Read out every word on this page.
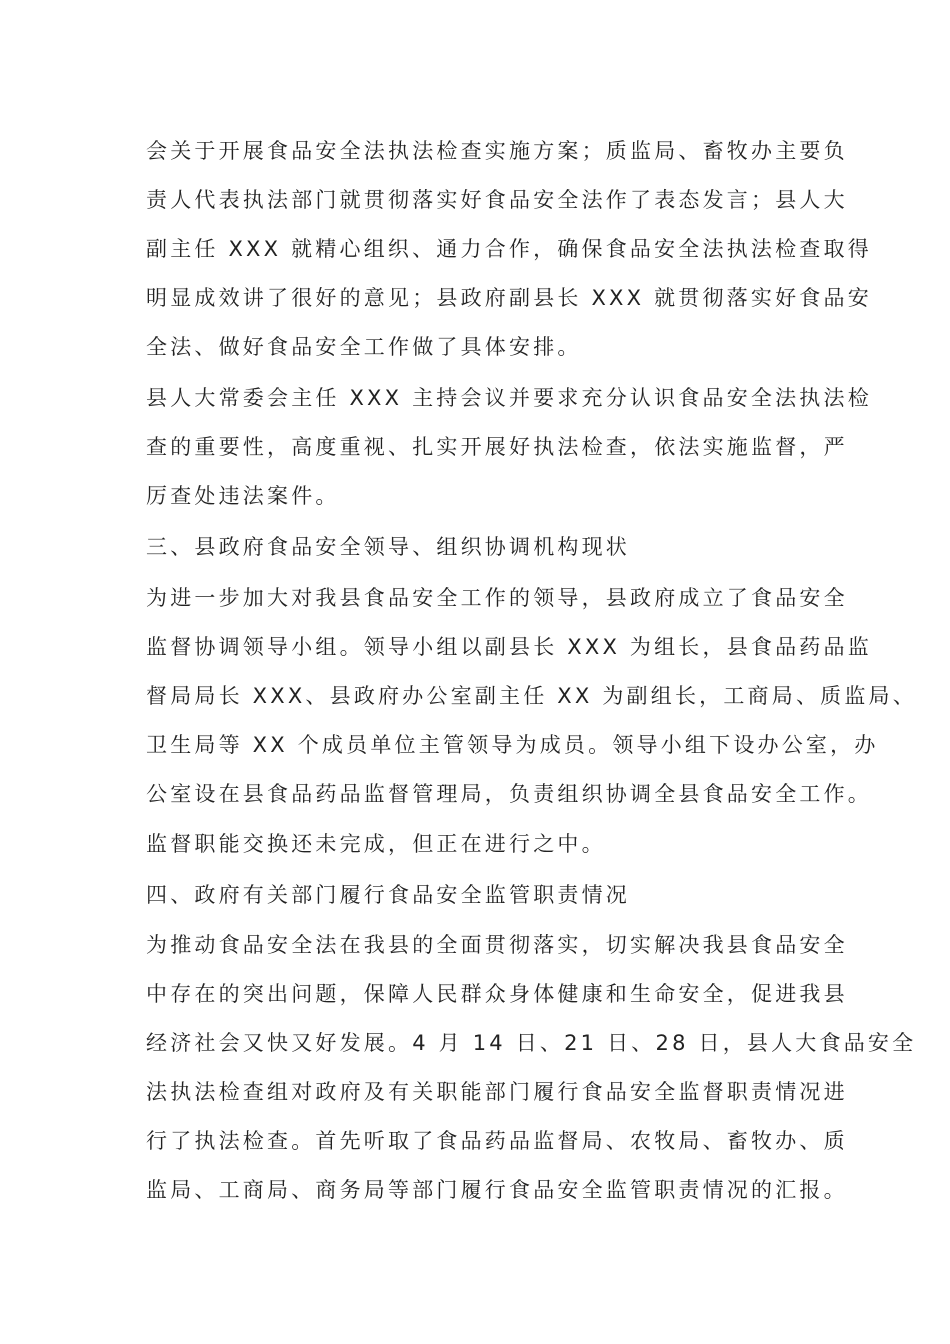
会关于开展食品安全法执法检查实施方案；质监局、畜牧办主要负
责人代表执法部门就贯彻落实好食品安全法作了表态发言；县人大
副主任 XXX 就精心组织、通力合作，确保食品安全法执法检查取得
明显成效讲了很好的意见；县政府副县长 XXX 就贯彻落实好食品安
全法、做好食品安全工作做了具体安排。
县人大常委会主任 XXX 主持会议并要求充分认识食品安全法执法检
查的重要性，高度重视、扎实开展好执法检查，依法实施监督，严
厉查处违法案件。
三、县政府食品安全领导、组织协调机构现状
为进一步加大对我县食品安全工作的领导，县政府成立了食品安全
监督协调领导小组。领导小组以副县长 XXX 为组长，县食品药品监
督局局长 XXX、县政府办公室副主任 XX 为副组长，工商局、质监局、
卫生局等 XX 个成员单位主管领导为成员。领导小组下设办公室，办
公室设在县食品药品监督管理局，负责组织协调全县食品安全工作。
监督职能交换还未完成，但正在进行之中。
四、政府有关部门履行食品安全监管职责情况
为推动食品安全法在我县的全面贯彻落实，切实解决我县食品安全
中存在的突出问题，保障人民群众身体健康和生命安全，促进我县
经济社会又快又好发展。4 月 14 日、21 日、28 日，县人大食品安全
法执法检查组对政府及有关职能部门履行食品安全监督职责情况进
行了执法检查。首先听取了食品药品监督局、农牧局、畜牧办、质
监局、工商局、商务局等部门履行食品安全监管职责情况的汇报。
